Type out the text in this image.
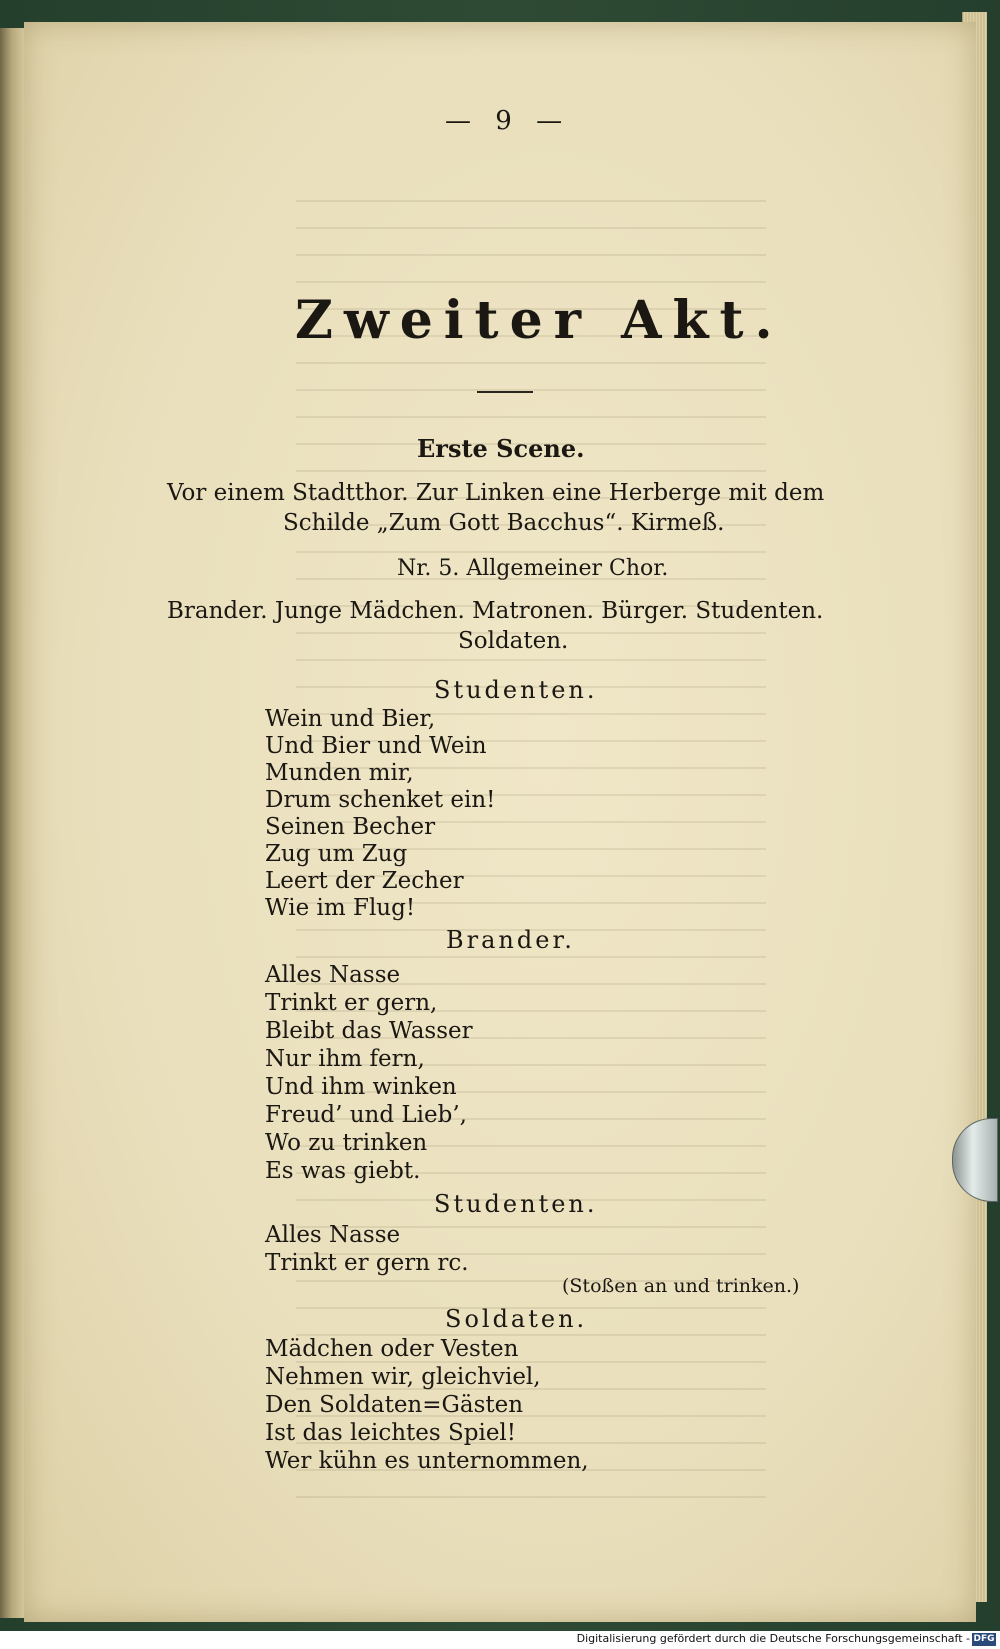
— 9 —
Zweiter Akt.
Erste Scene.
Vor einem Stadtthor. Zur Linken eine Herberge mit dem
Schilde „Zum Gott Bacchus“. Kirmeß.
Nr. 5. Allgemeiner Chor.
Brander. Junge Mädchen. Matronen. Bürger. Studenten.
Soldaten.
Studenten.
Wein und Bier,
Und Bier und Wein
Munden mir,
Drum schenket ein!
Seinen Becher
Zug um Zug
Leert der Zecher
Wie im Flug!
Brander.
Alles Nasse
Trinkt er gern,
Bleibt das Wasser
Nur ihm fern,
Und ihm winken
Freud’ und Lieb’,
Wo zu trinken
Es was giebt.
Studenten.
Alles Nasse
Trinkt er gern rc.
(Stoßen an und trinken.)
Soldaten.
Mädchen oder Vesten
Nehmen wir, gleichviel,
Den Soldaten=Gästen
Ist das leichtes Spiel!
Wer kühn es unternommen,
Digitalisierung gefördert durch die Deutsche Forschungsgemeinschaft - DFG
